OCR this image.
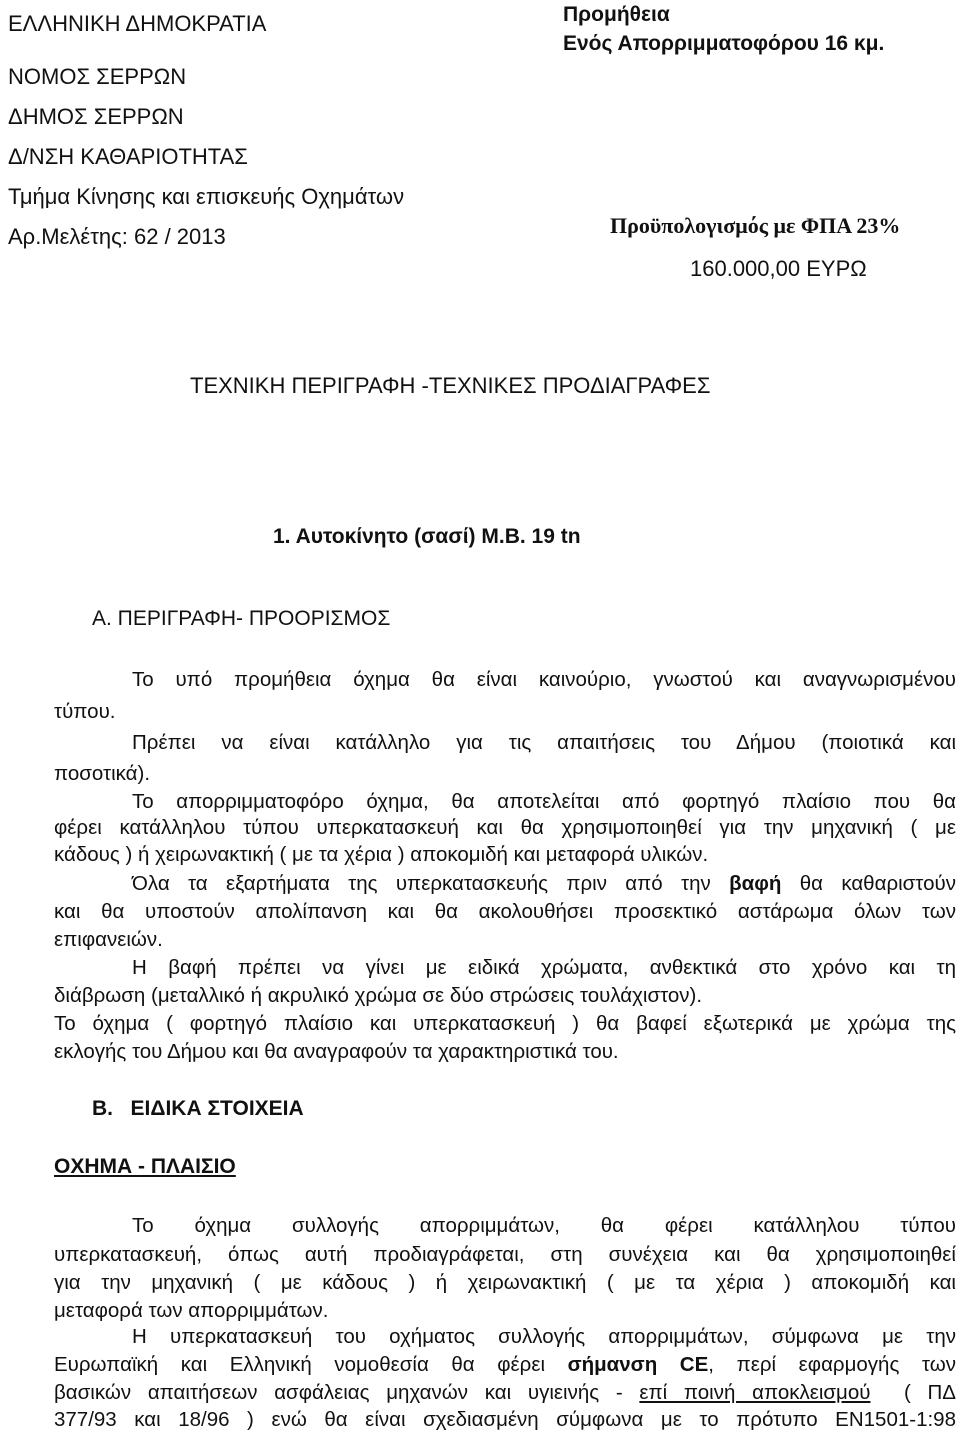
ΕΛΛΗΝΙΚΗ ΔΗΜΟΚΡΑΤΙΑ
ΝΟΜΟΣ ΣΕΡΡΩΝ
ΔΗΜΟΣ ΣΕΡΡΩΝ
Δ/ΝΣΗ ΚΑΘΑΡΙΟΤΗΤΑΣ
Τμήμα Κίνησης και επισκευής Οχημάτων
Αρ.Μελέτης: 62 / 2013
Προμήθεια
Ενός Απορριμματοφόρου 16 κμ.
Προϋπολογισμός με ΦΠΑ 23%
160.000,00 ΕΥΡΩ
ΤΕΧΝΙΚΗ ΠΕΡΙΓΡΑΦΗ -ΤΕΧΝΙΚΕΣ ΠΡΟΔΙΑΓΡΑΦΕΣ
1. Αυτοκίνητο (σασί) Μ.Β. 19 tn
Α. ΠΕΡΙΓΡΑΦΗ- ΠΡΟΟΡΙΣΜΟΣ
Το υπό προμήθεια όχημα θα είναι καινούριο, γνωστού και αναγνωρισμένου
τύπου.
Πρέπει να είναι κατάλληλο για τις απαιτήσεις του Δήμου (ποιοτικά και
ποσοτικά).
Το απορριμματοφόρο όχημα, θα αποτελείται από φορτηγό πλαίσιο που θα
φέρει κατάλληλου τύπου υπερκατασκευή και θα χρησιμοποιηθεί για την μηχανική ( με
κάδους ) ή χειρωνακτική ( με τα χέρια ) αποκομιδή και μεταφορά υλικών.
Όλα τα εξαρτήματα της υπερκατασκευής πριν από την βαφή θα καθαριστούν
και θα υποστούν απολίπανση και θα ακολουθήσει προσεκτικό αστάρωμα όλων των
επιφανειών.
Η βαφή πρέπει να γίνει με ειδικά χρώματα, ανθεκτικά στο χρόνο και τη
διάβρωση (μεταλλικό ή ακρυλικό χρώμα σε δύο στρώσεις τουλάχιστον).
Το όχημα ( φορτηγό πλαίσιο και υπερκατασκευή ) θα βαφεί εξωτερικά με χρώμα της
εκλογής του Δήμου και θα αναγραφούν τα χαρακτηριστικά του.
Β.   ΕΙΔΙΚΑ ΣΤΟΙΧΕΙΑ
ΟΧΗΜΑ - ΠΛΑΙΣΙΟ
Το όχημα συλλογής απορριμμάτων, θα φέρει κατάλληλου τύπου
υπερκατασκευή, όπως αυτή προδιαγράφεται, στη συνέχεια και θα χρησιμοποιηθεί
για την μηχανική ( με κάδους ) ή χειρωνακτική ( με τα χέρια ) αποκομιδή και
μεταφορά των απορριμμάτων.
Η υπερκατασκευή του οχήματος συλλογής απορριμμάτων, σύμφωνα με την
Ευρωπαϊκή και Ελληνική νομοθεσία θα φέρει σήμανση CE, περί εφαρμογής των
βασικών απαιτήσεων ασφάλειας μηχανών και υγιεινής - επί ποινή αποκλεισμού  ( ΠΔ
377/93 και 18/96 ) ενώ θα είναι σχεδιασμένη σύμφωνα με το πρότυπο ΕΝ1501-1:98
